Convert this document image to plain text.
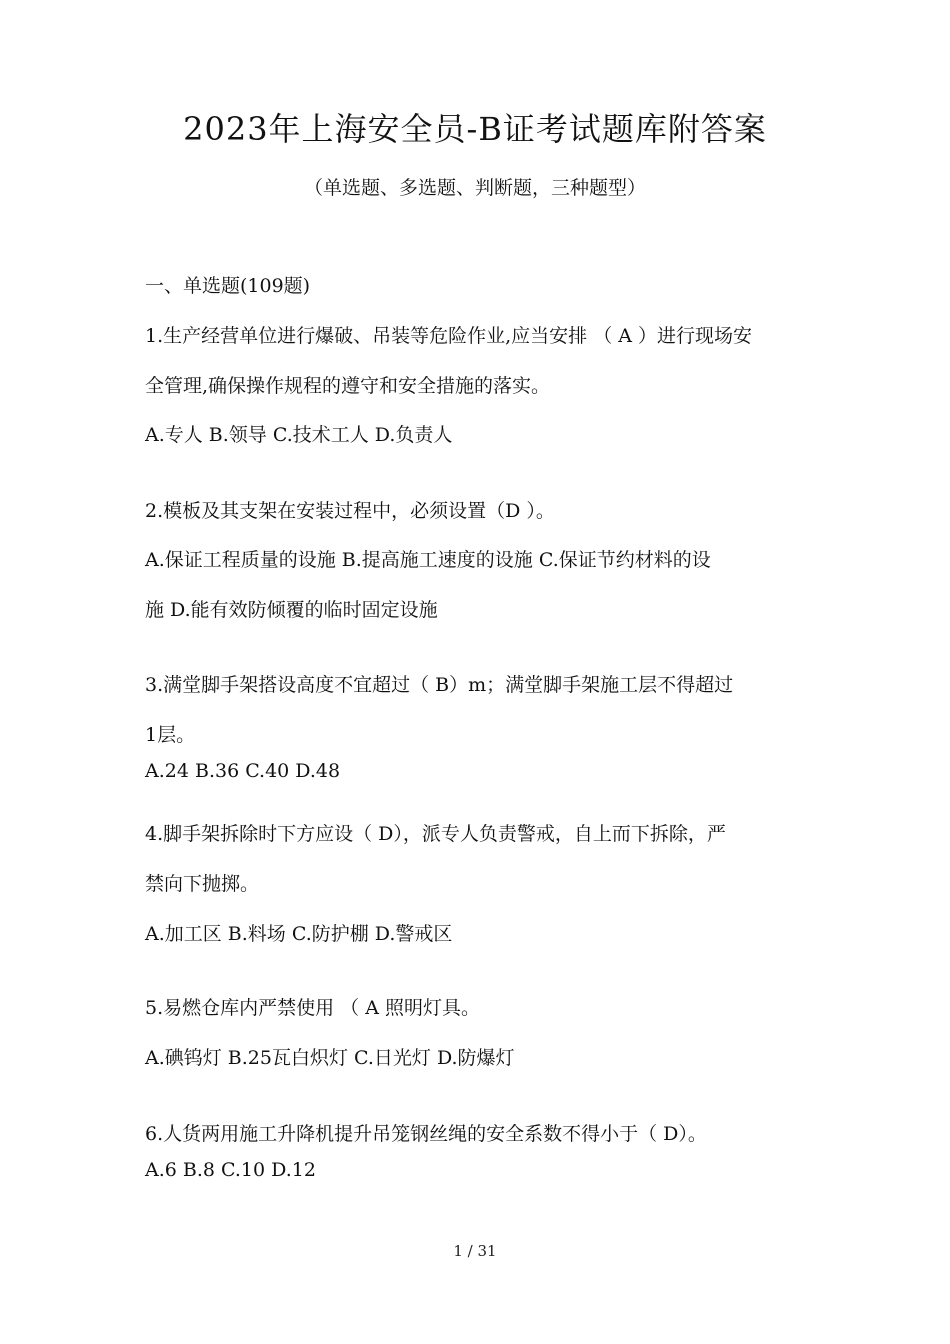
2023年上海安全员-B证考试题库附答案
（单选题、多选题、判断题，三种题型）
一、单选题(109题)
1.生产经营单位进行爆破、吊装等危险作业,应当安排 （ A ）进行现场安
全管理,确保操作规程的遵守和安全措施的落实。
A.专人 B.领导 C.技术工人 D.负责人
2.模板及其支架在安装过程中，必须设置（D ）。
A.保证工程质量的设施 B.提高施工速度的设施 C.保证节约材料的设
施 D.能有效防倾覆的临时固定设施
3.满堂脚手架搭设高度不宜超过（ B）m；满堂脚手架施工层不得超过
1层。
A.24 B.36 C.40 D.48
4.脚手架拆除时下方应设（ D），派专人负责警戒，自上而下拆除，严
禁向下抛掷。
A.加工区 B.料场 C.防护棚 D.警戒区
5.易燃仓库内严禁使用 （ A 照明灯具。
A.碘钨灯 B.25瓦白炽灯 C.日光灯 D.防爆灯
6.人货两用施工升降机提升吊笼钢丝绳的安全系数不得小于（ D）。
A.6 B.8 C.10 D.12
1 / 31
